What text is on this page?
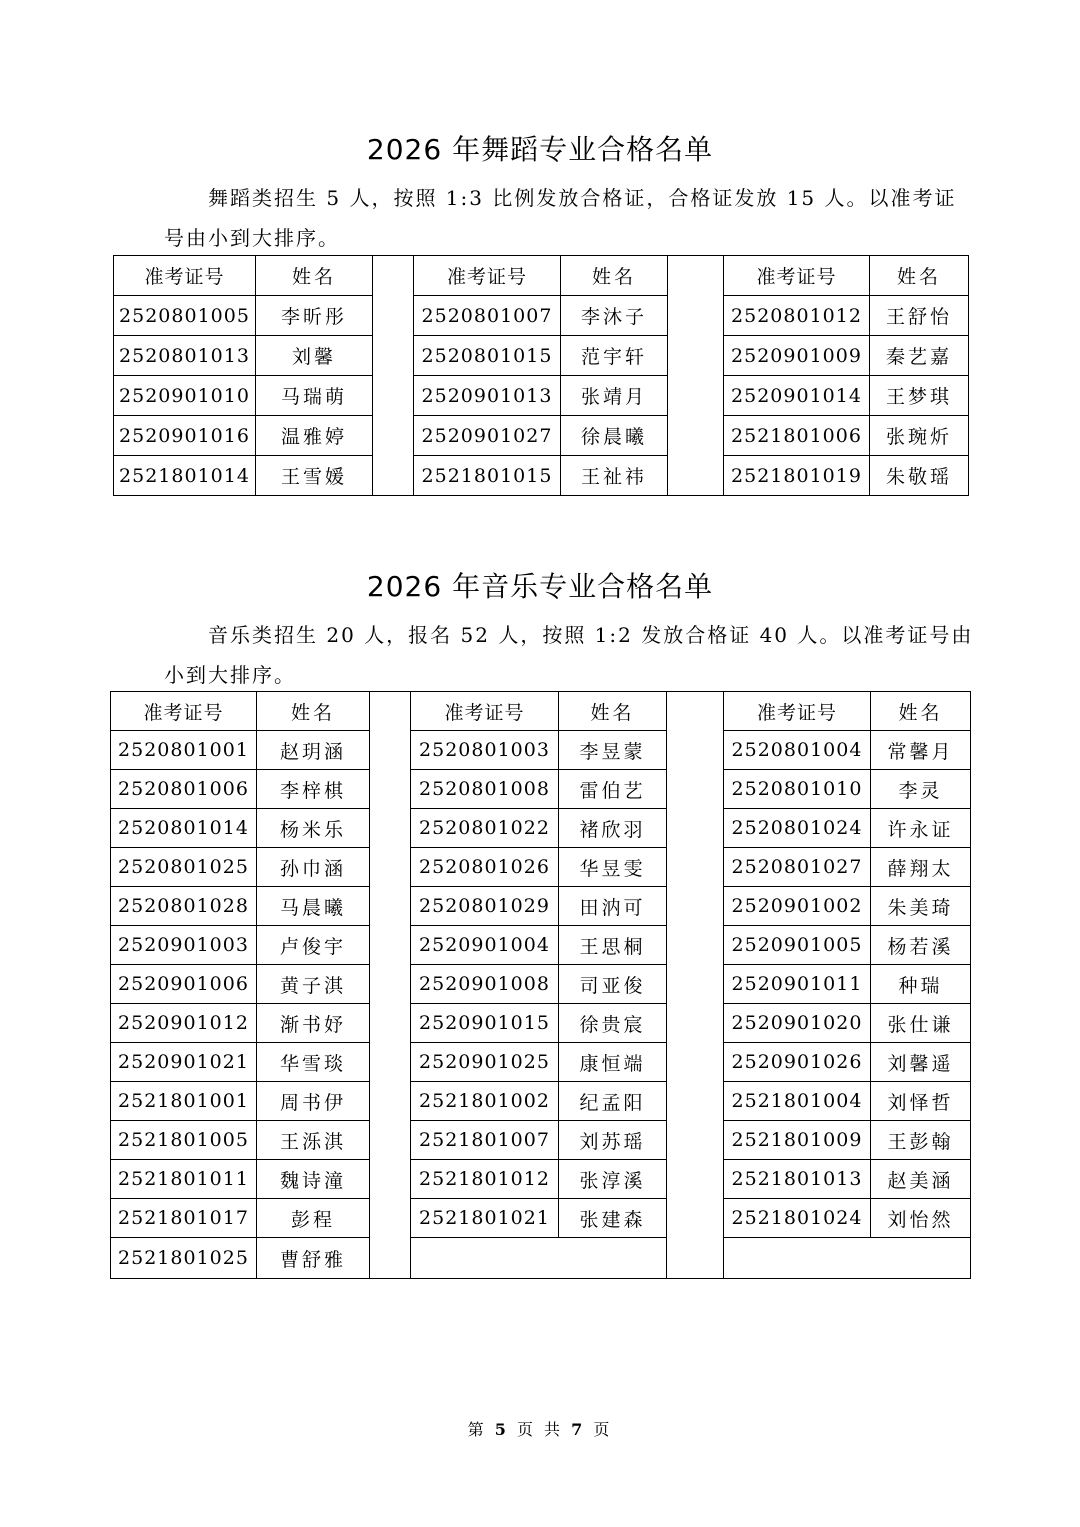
2026 年舞蹈专业合格名单
舞蹈类招生 5 人，按照 1:3 比例发放合格证，合格证发放 15 人。以准考证
号由小到大排序。
准考证号	姓名		准考证号	姓名		准考证号	姓名
2520801005	李昕彤		2520801007	李沐子		2520801012	王舒怡
2520801013	刘馨		2520801015	范宇轩		2520901009	秦艺嘉
2520901010	马瑞萌		2520901013	张靖月		2520901014	王梦琪
2520901016	温雅婷		2520901027	徐晨曦		2521801006	张琬炘
2521801014	王雪媛		2521801015	王祉祎		2521801019	朱敬瑶
2026 年音乐专业合格名单
音乐类招生 20 人，报名 52 人，按照 1:2 发放合格证 40 人。以准考证号由
小到大排序。
准考证号	姓名		准考证号	姓名		准考证号	姓名
2520801001	赵玥涵		2520801003	李昱蒙		2520801004	常馨月
2520801006	李梓棋		2520801008	雷伯艺		2520801010	李灵
2520801014	杨米乐		2520801022	褚欣羽		2520801024	许永证
2520801025	孙巾涵		2520801026	华昱雯		2520801027	薛翔太
2520801028	马晨曦		2520801029	田汭可		2520901002	朱美琦
2520901003	卢俊宇		2520901004	王思桐		2520901005	杨若溪
2520901006	黄子淇		2520901008	司亚俊		2520901011	种瑞
2520901012	渐书妤		2520901015	徐贵宸		2520901020	张仕谦
2520901021	华雪琰		2520901025	康恒端		2520901026	刘馨遥
2521801001	周书伊		2521801002	纪孟阳		2521801004	刘怿哲
2521801005	王泺淇		2521801007	刘苏瑶		2521801009	王彭翰
2521801011	魏诗潼		2521801012	张淳溪		2521801013	赵美涵
2521801017	彭程		2521801021	张建森		2521801024	刘怡然
2521801025	曹舒雅						
第 5 页 共 7 页
